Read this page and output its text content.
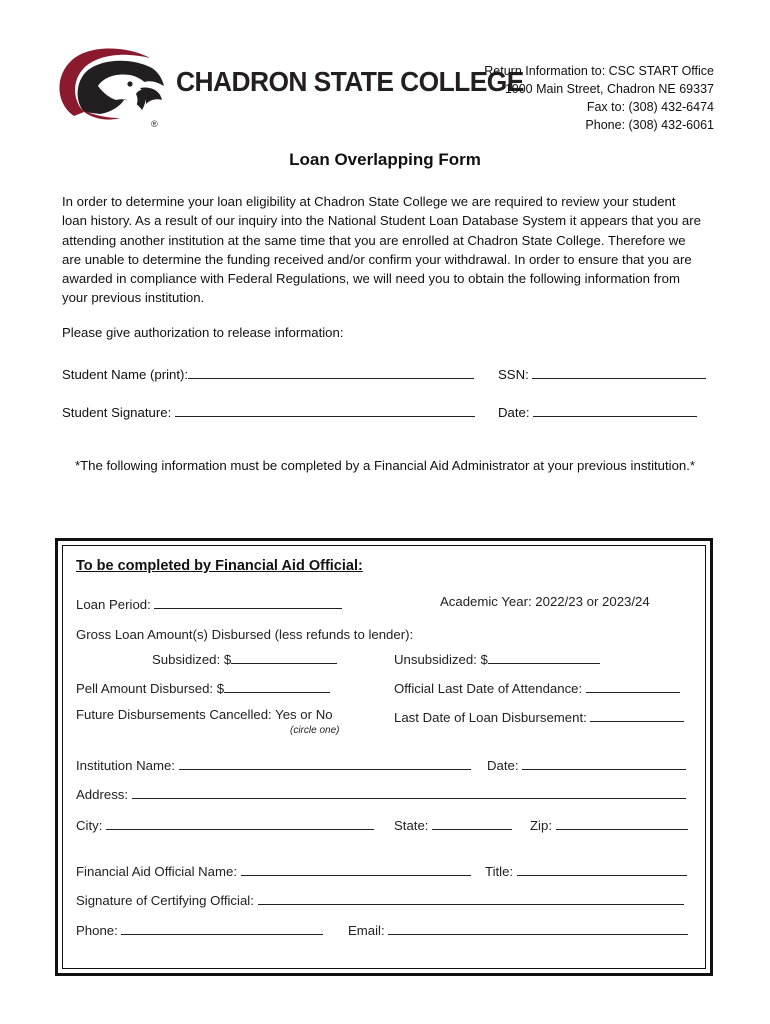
CHADRON STATE COLLEGE
®
Return Information to: CSC START Office
1000 Main Street, Chadron NE 69337
Fax to: (308) 432-6474
Phone: (308) 432-6061
Loan Overlapping Form
In order to determine your loan eligibility at Chadron State College we are required to review your student loan history. As a result of our inquiry into the National Student Loan Database System it appears that you are attending another institution at the same time that you are enrolled at Chadron State College. Therefore we are unable to determine the funding received and/or confirm your withdrawal. In order to ensure that you are awarded in compliance with Federal Regulations, we will need you to obtain the following information from your previous institution.
Please give authorization to release information:
Student Name (print):	SSN:
Student Signature:	Date:
*The following information must be completed by a Financial Aid Administrator at your previous institution.*
To be completed by Financial Aid Official:
Loan Period:	Academic Year: 2022/23 or 2023/24
Gross Loan Amount(s) Disbursed (less refunds to lender):
Subsidized: $	Unsubsidized: $
Pell Amount Disbursed: $	Official Last Date of Attendance:
Future Disbursements Cancelled: Yes or No
(circle one)
Last Date of Loan Disbursement:
Institution Name:	Date:
Address:
City:	State:	Zip:
Financial Aid Official Name:	Title:
Signature of Certifying Official:
Phone:	Email:
